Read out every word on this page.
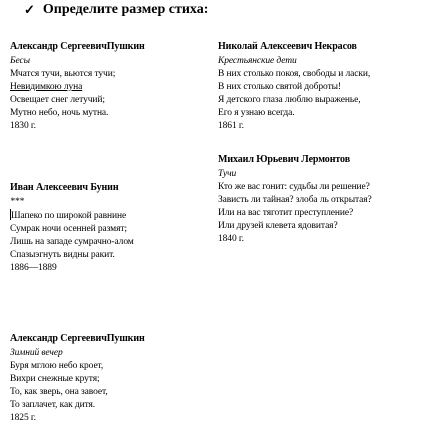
✓ Определите размер стиха:
Александр СергеевичПушкин
Бесы
Мчатся тучи, вьются тучи;
Невидимкою луна
Освещает снег летучий;
Мутно небо, ночь мутна.
1830 г.
Иван Алексеевич Бунин
***
Шапеко по широкой равнине
Сумрак ночи осенней размят;
Лишь на западе сумрачно-алом
Спазыэгнуть видны ракит.
1886—1889
Александр СергеевичПушкин
Зимний вечер
Буря мглою небо кроет,
Вихри снежные крутя;
То, как зверь, она завоет,
То заплачет, как дитя.
1825 г.
Николай Алексеевич Некрасов
Крестьянские дети
В них столько покоя, свободы и ласки,
В них столько святой доброты!
Я детского глаза люблю выраженье,
Его я узнаю всегда.
1861 г.
Михаил Юрьевич Лермонтов
Тучи
Кто же вас гонит: судьбы ли решение?
Зависть ли тайная? злоба ль открытая?
Или на вас тяготит преступление?
Или друзей клевета ядовитая?
1840 г.
